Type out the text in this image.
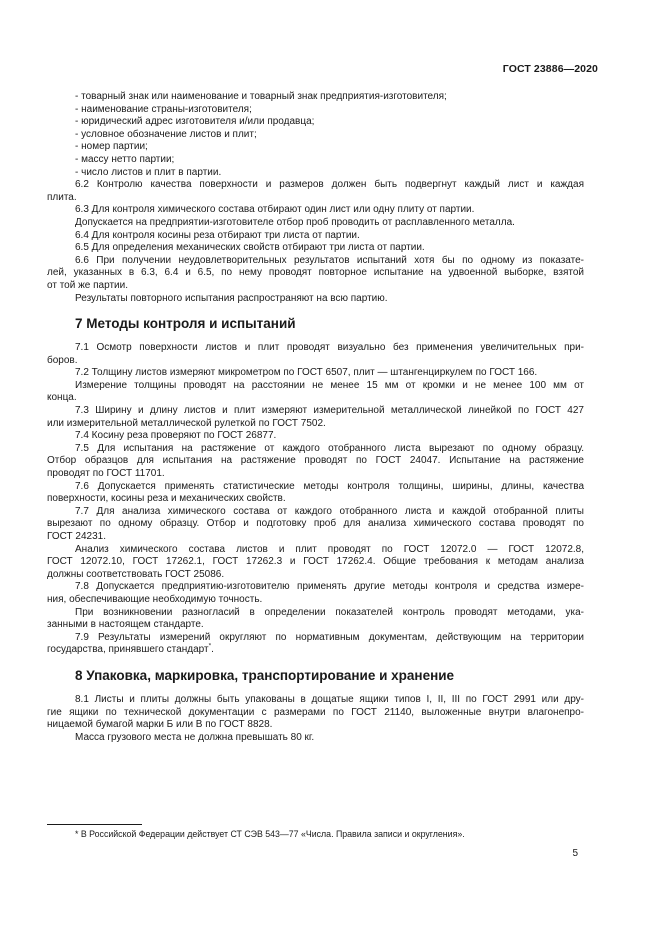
ГОСТ 23886—2020
- товарный знак или наименование и товарный знак предприятия-изготовителя;
- наименование страны-изготовителя;
- юридический адрес изготовителя и/или продавца;
- условное обозначение листов и плит;
- номер партии;
- массу нетто партии;
- число листов и плит в партии.
6.2 Контролю качества поверхности и размеров должен быть подвергнут каждый лист и каждая
плита.
6.3 Для контроля химического состава отбирают один лист или одну плиту от партии.
Допускается на предприятии-изготовителе отбор проб проводить от расплавленного металла.
6.4 Для контроля косины реза отбирают три листа от партии.
6.5 Для определения механических свойств отбирают три листа от партии.
6.6 При получении неудовлетворительных результатов испытаний хотя бы по одному из показате-
лей, указанных в 6.3, 6.4 и 6.5, по нему проводят повторное испытание на удвоенной выборке, взятой
от той же партии.
Результаты повторного испытания распространяют на всю партию.
7 Методы контроля и испытаний
7.1 Осмотр поверхности листов и плит проводят визуально без применения увеличительных при-
боров.
7.2 Толщину листов измеряют микрометром по ГОСТ 6507, плит — штангенциркулем по ГОСТ 166.
Измерение толщины проводят на расстоянии не менее 15 мм от кромки и не менее 100 мм от
конца.
7.3 Ширину и длину листов и плит измеряют измерительной металлической линейкой по ГОСТ 427
или измерительной металлической рулеткой по ГОСТ 7502.
7.4 Косину реза проверяют по ГОСТ 26877.
7.5 Для испытания на растяжение от каждого отобранного листа вырезают по одному образцу.
Отбор образцов для испытания на растяжение проводят по ГОСТ 24047. Испытание на растяжение
проводят по ГОСТ 11701.
7.6 Допускается применять статистические методы контроля толщины, ширины, длины, качества
поверхности, косины реза и механических свойств.
7.7 Для анализа химического состава от каждого отобранного листа и каждой отобранной плиты
вырезают по одному образцу. Отбор и подготовку проб для анализа химического состава проводят по
ГОСТ 24231.
Анализ химического состава листов и плит проводят по ГОСТ 12072.0 — ГОСТ 12072.8,
ГОСТ 12072.10, ГОСТ 17262.1, ГОСТ 17262.3 и ГОСТ 17262.4. Общие требования к методам анализа
должны соответствовать ГОСТ 25086.
7.8 Допускается предприятию-изготовителю применять другие методы контроля и средства измере-
ния, обеспечивающие необходимую точность.
При возникновении разногласий в определении показателей контроль проводят методами, ука-
занными в настоящем стандарте.
7.9 Результаты измерений округляют по нормативным документам, действующим на территории
государства, принявшего стандарт*.
8 Упаковка, маркировка, транспортирование и хранение
8.1 Листы и плиты должны быть упакованы в дощатые ящики типов I, II, III по ГОСТ 2991 или дру-
гие ящики по технической документации с размерами по ГОСТ 21140, выложенные внутри влагонепро-
ницаемой бумагой марки Б или В по ГОСТ 8828.
Масса грузового места не должна превышать 80 кг.
* В Российской Федерации действует СТ СЭВ 543—77 «Числа. Правила записи и округления».
5
